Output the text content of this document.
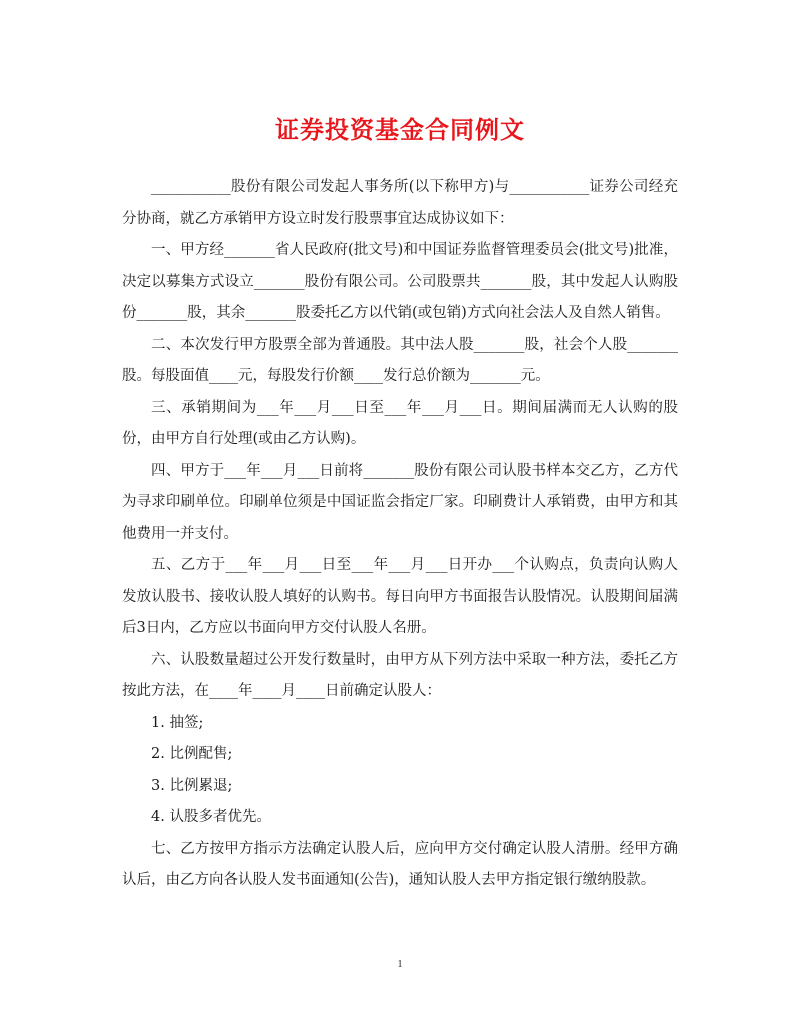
证券投资基金合同例文

___________股份有限公司发起人事务所(以下称甲方)与___________证券公司经充分协商，就乙方承销甲方设立时发行股票事宜达成协议如下：

一、甲方经_______省人民政府(批文号)和中国证券监督管理委员会(批文号)批准，决定以募集方式设立_______股份有限公司。公司股票共_______股，其中发起人认购股份_______股，其余_______股委托乙方以代销(或包销)方式向社会法人及自然人销售。

二、本次发行甲方股票全部为普通股。其中法人股_______股，社会个人股_______股。每股面值____元，每股发行价额____发行总价额为_______元。

三、承销期间为___年___月___日至___年___月___日。期间届满而无人认购的股份，由甲方自行处理(或由乙方认购)。

四、甲方于___年___月___日前将_______股份有限公司认股书样本交乙方，乙方代为寻求印刷单位。印刷单位须是中国证监会指定厂家。印刷费计人承销费，由甲方和其他费用一并支付。

五、乙方于___年___月___日至___年___月___日开办___个认购点，负责向认购人发放认股书、接收认股人填好的认购书。每日向甲方书面报告认股情况。认股期间届满后3日内，乙方应以书面向甲方交付认股人名册。

六、认股数量超过公开发行数量时，由甲方从下列方法中采取一种方法，委托乙方按此方法，在____年____月____日前确定认股人：

1. 抽签;

2. 比例配售;

3. 比例累退;

4. 认股多者优先。

七、乙方按甲方指示方法确定认股人后，应向甲方交付确定认股人清册。经甲方确认后，由乙方向各认股人发书面通知(公告)，通知认股人去甲方指定银行缴纳股款。

1
